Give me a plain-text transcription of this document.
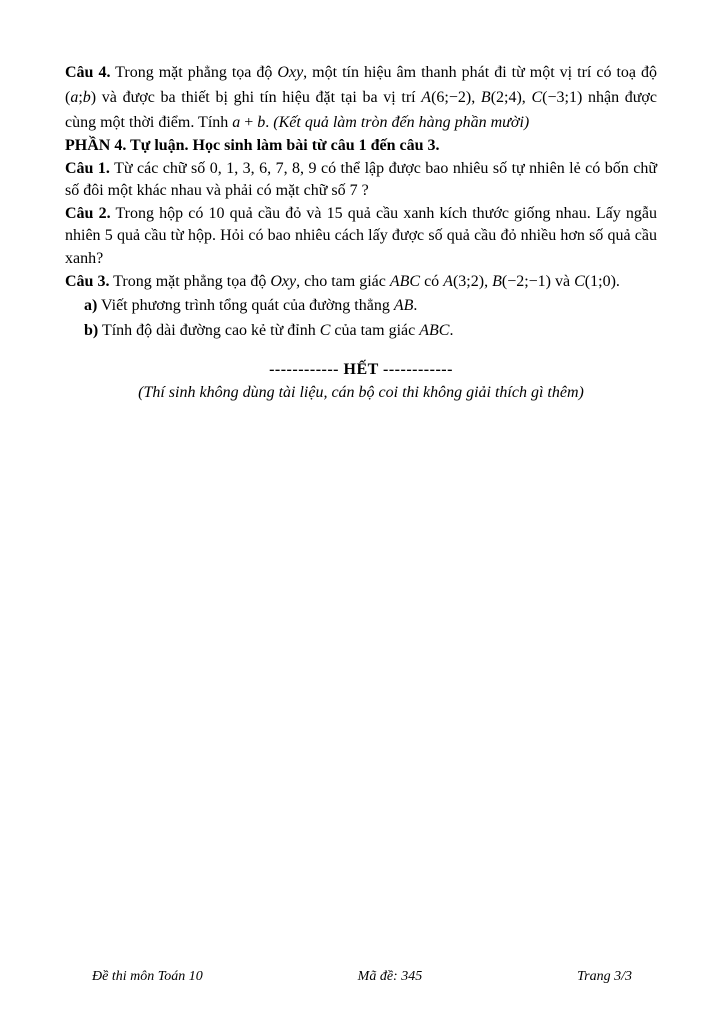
Câu 4. Trong mặt phẳng tọa độ Oxy, một tín hiệu âm thanh phát đi từ một vị trí có toạ độ (a;b) và được ba thiết bị ghi tín hiệu đặt tại ba vị trí A(6;−2), B(2;4), C(−3;1) nhận được cùng một thời điểm. Tính a + b. (Kết quả làm tròn đến hàng phần mười)

PHẦN 4. Tự luận. Học sinh làm bài từ câu 1 đến câu 3.

Câu 1. Từ các chữ số 0, 1, 3, 6, 7, 8, 9 có thể lập được bao nhiêu số tự nhiên lẻ có bốn chữ số đôi một khác nhau và phải có mặt chữ số 7 ?

Câu 2. Trong hộp có 10 quả cầu đỏ và 15 quả cầu xanh kích thước giống nhau. Lấy ngẫu nhiên 5 quả cầu từ hộp. Hỏi có bao nhiêu cách lấy được số quả cầu đỏ nhiều hơn số quả cầu xanh?

Câu 3. Trong mặt phẳng tọa độ Oxy, cho tam giác ABC có A(3;2), B(−2;−1) và C(1;0).

a) Viết phương trình tổng quát của đường thẳng AB.

b) Tính độ dài đường cao kẻ từ đỉnh C của tam giác ABC.

------------ HẾT ------------

(Thí sinh không dùng tài liệu, cán bộ coi thi không giải thích gì thêm)

Đề thi môn Toán 10	Mã đề: 345	Trang 3/3
